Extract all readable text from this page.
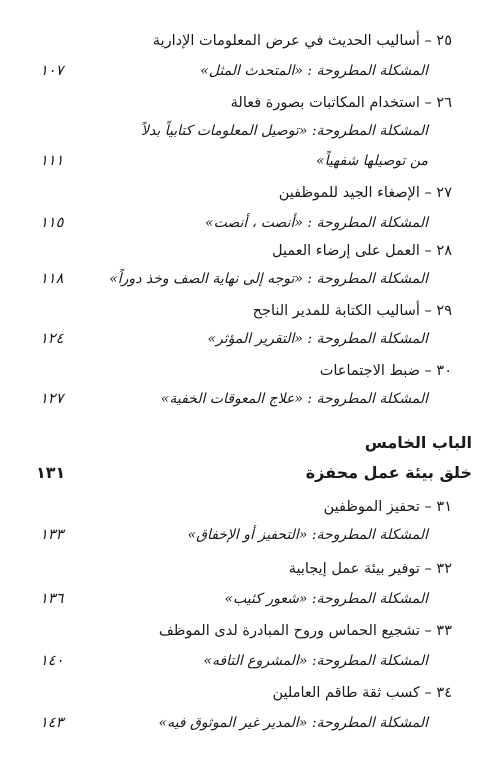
٢٥ – أساليب الحديث في عرض المعلومات الإدارية
المشكلة المطروحة : «المتحدث المثل»
١٠٧
٢٦ – استخدام المكاتبات بصورة فعالة
المشكلة المطروحة: «توصيل المعلومات كتابياً بدلاً
من توصيلها شفهياً»
١١١
٢٧ – الإصغاء الجيد للموظفين
المشكلة المطروحة : «أنصت ، أنصت»
١١٥
٢٨ – العمل على إرضاء العميل
المشكلة المطروحة : «توجه إلى نهاية الصف وخذ دوراً»
١١٨
٢٩ – أساليب الكتابة للمدير الناجح
المشكلة المطروحة : «التقرير المؤثر»
١٢٤
٣٠ – ضبط الاجتماعات
المشكلة المطروحة : «علاج المعوقات الخفية»
١٢٧
الباب الخامس
خلق بيئة عمل محفزة
١٣١
٣١ – تحفيز الموظفين
المشكلة المطروحة: «التحفيز أو الإخفاق»
١٣٣
٣٢ – توفير بيئة عمل إيجابية
المشكلة المطروحة: «شعور كئيب»
١٣٦
٣٣ – تشجيع الحماس وروح المبادرة لدى الموظف
المشكلة المطروحة: «المشروع التافه»
١٤٠
٣٤ – كسب ثقة طاقم العاملين
المشكلة المطروحة: «المدير غير الموثوق فيه»
١٤٣
